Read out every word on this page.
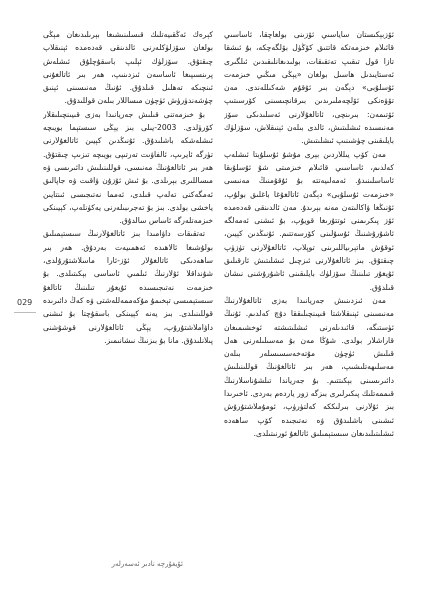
ئۆزبېكىستان ساياسىي ئۆزىنى بولغاچقا، ئاساسىي قائىلام خىزمەتكە قاتتىق كۆڭۈل بۆلگەچكە، بۇ ئىشقا تازا قول تىقىپ تەتقىقات، بولىدىغانلىقىدىن ئىلگىرى ئەستايىدىل ھاسىل بولغان «يېڭى مىڭىي خىزمەت ئۇسلۇبى» دېگەن بىر ئۇقۇم شەكىللەندى. مەن تۆۋەنكى ئۆلچەملىرىدىن بىرقانچىسىنى كۆرسىتىپ ئۆتىمەن: بىرىنچى، ئاتالغۇلارنى ئەسلىدىكى سۆز مەنىسىدە ئىشلىتىش، ئالدى بىلەن ئېنىقلاش، سۆزلۈك بايلىقىنى چۈشىنىپ ئىشلىتىش.

مەن كۆپ يىللاردىن بېرى مۇشۇ ئۇسلۇبتا ئىشلەپ كەلدىم، ئاساسىي قائىلام خىزمىتى شۇ ئۇسلۇبقا ئاساسلىنىدۇ. ئەمەلىيەتتە بۇ ئۇقۇمنىڭ مەنىسى «خىزمەت ئۇسلۇبى» دېگەن ئاتالغۇغا باغلىق بولۇپ، ئۇنىڭغا ۋاكالىتەن مەنە بېرىدۇ. مەن ئالدىنقى قەدەمدە ئۆز پىكرىمنى ئوتتۇرىغا قويۇپ، بۇ ئىشنى ئەمەلگە ئاشۇرۇشنىڭ ئۇسۇلىنى كۆرسەتتىم. ئۇنىڭدىن كېيىن، ئوقۇش ماتېرىياللىرىنى توپلاپ، ئاتالغۇلارنى تۈزۈپ چىقتۇق. بىز ئاتالغۇلارنى ئىزچىل ئىشلىتىش ئارقىلىق ئۇيغۇر تىلىنىڭ سۆزلۈك بايلىقىنى ئاشۇرۇشنى نىشان قىلدۇق.

مەن ئىزدىنىش جەريانىدا بەزى ئاتالغۇلارنىڭ مەنىسىنى ئېنىقلاشتا قىيىنچىلىققا دۇچ كەلدىم. ئۇنىڭ ئۈستىگە، قائىدىلەرنى ئىشلىتىشتە ئوخشىمىغان قاراشلار بولدى. شۇڭا مەن بۇ مەسىلىلەرنى ھەل قىلىش ئۈچۈن مۇتەخەسسىسلەر بىلەن مەسلىھەتلىشىپ، ھەر بىر ئاتالغۇنىڭ قوللىنىلىش دائىرىسىنى بېكىتتىم. بۇ جەرياندا تىلشۇناسلارنىڭ قىممەتلىك پىكىرلىرى بىزگە زور ياردەم بەردى. ئاخىرىدا بىز ئۇلارنى بىرلىككە كەلتۈرۈپ، ئومۇملاشتۇرۇش ئىشىنى باشلىدۇق ۋە نەتىجىدە كۆپ ساھەدە ئىشلىتىلىدىغان سىستېمىلىق ئاتالغۇ ئورنىتىلدى.

كېرەك ئەڭقىيەتلىك قىسلىنىشىغا بېرىلىدىغان مېڭى بولغان سۆزلۈكلەرنى ئالدىنقى قەدەمدە ئېنىقلاپ چىقتۇق. سۆزلۈك ئېلىپ باسقۇچلۇق ئىشلەش پرىنسىپىغا ئاساسەن ئىزدىنىپ، ھەر بىر ئاتالغۇنى ئىنچىكە تەھلىل قىلدۇق. ئۇنىڭ مەنىسىنى ئېنىق چۈشەندۈرۈش ئۈچۈن مىساللار بىلەن قوللىدۇق.

بۇ خىزمەتنى قىلىش جەريانىدا بەزى قىيىنچىلىقلار كۆرۈلدى. 2003-يىلى بىز يېڭى سىستېما بويىچە ئىشلەشكە باشلىدۇق. ئۇنىڭدىن كېيىن ئاتالغۇلارنى تۈرگە ئايرىپ، ئالفاۋىت تەرتىپى بويىچە تىزىپ چىقتۇق. ھەر بىر ئاتالغۇنىڭ مەنىسى، قوللىنىلىش دائىرىسى ۋە مىساللىرى بېرىلدى. بۇ ئىش ئۇزۇن ۋاقىت ۋە جاپالىق ئەمگەكنى تەلەپ قىلدى، ئەمما نەتىجىسى ئىنتايىن ياخشى بولدى. بىز بۇ تەجرىبىلەرنى يەكۈنلەپ، كېيىنكى خىزمەتلەرگە ئاساس سالدۇق.

تەتقىقات داۋامىدا بىز ئاتالغۇلارنىڭ سىستېمىلىق بولۇشىغا ئالاھىدە ئەھمىيەت بەردۇق. ھەر بىر ساھەدىكى ئاتالغۇلار ئۆز-ئارا ماسلاشتۇرۇلدى، شۇنداقلا ئۇلارنىڭ ئىلمىي ئاساسى بېكىتىلدى. بۇ خىزمەت نەتىجىسىدە ئۇيغۇر تىلىنىڭ ئاتالغۇ سىستېمىسى تېخىمۇ مۇكەممەللەشتى ۋە كەڭ دائىرىدە قوللىنىلدى. بىز يەنە كېيىنكى باسقۇچتا بۇ ئىشنى داۋاملاشتۇرۇپ، يېڭى ئاتالغۇلارنى قوشۇشنى پىلانلىدۇق. مانا بۇ بىزنىڭ نىشانىمىز.

029
ئۇيغۇرچە نادىر ئەسەرلەر
